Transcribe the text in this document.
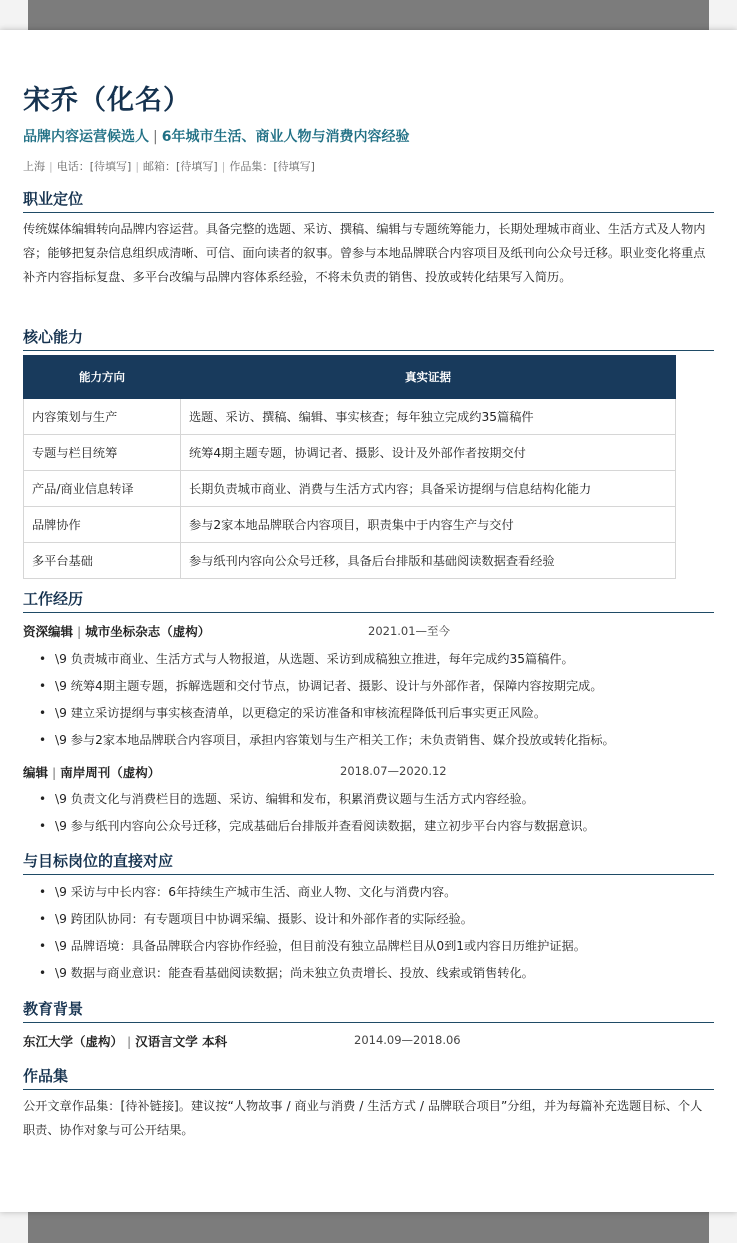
宋乔（化名）
品牌内容运营候选人 | 6年城市生活、商业人物与消费内容经验
上海 | 电话：[待填写] | 邮箱：[待填写] | 作品集：[待填写]
职业定位
传统媒体编辑转向品牌内容运营。具备完整的选题、采访、撰稿、编辑与专题统筹能力，长期处理城市商业、生活方式及人物内容；能够把复杂信息组织成清晰、可信、面向读者的叙事。曾参与本地品牌联合内容项目及纸刊向公众号迁移。职业变化将重点补齐内容指标复盘、多平台改编与品牌内容体系经验，不将未负责的销售、投放或转化结果写入简历。
核心能力
能力方向	真实证据
内容策划与生产	选题、采访、撰稿、编辑、事实核查；每年独立完成约35篇稿件
专题与栏目统筹	统筹4期主题专题，协调记者、摄影、设计及外部作者按期交付
产品/商业信息转译	长期负责城市商业、消费与生活方式内容；具备采访提纲与信息结构化能力
品牌协作	参与2家本地品牌联合内容项目，职责集中于内容生产与交付
多平台基础	参与纸刊内容向公众号迁移，具备后台排版和基础阅读数据查看经验
工作经历
资深编辑 | 城市坐标杂志（虚构）	2021.01—至今
• \9 负责城市商业、生活方式与人物报道，从选题、采访到成稿独立推进，每年完成约35篇稿件。
• \9 统筹4期主题专题，拆解选题和交付节点，协调记者、摄影、设计与外部作者，保障内容按期完成。
• \9 建立采访提纲与事实核查清单，以更稳定的采访准备和审核流程降低刊后事实更正风险。
• \9 参与2家本地品牌联合内容项目，承担内容策划与生产相关工作；未负责销售、媒介投放或转化指标。
编辑 | 南岸周刊（虚构）	2018.07—2020.12
• \9 负责文化与消费栏目的选题、采访、编辑和发布，积累消费议题与生活方式内容经验。
• \9 参与纸刊内容向公众号迁移，完成基础后台排版并查看阅读数据，建立初步平台内容与数据意识。
与目标岗位的直接对应
• \9 采访与中长内容：6年持续生产城市生活、商业人物、文化与消费内容。
• \9 跨团队协同：有专题项目中协调采编、摄影、设计和外部作者的实际经验。
• \9 品牌语境：具备品牌联合内容协作经验，但目前没有独立品牌栏目从0到1或内容日历维护证据。
• \9 数据与商业意识：能查看基础阅读数据；尚未独立负责增长、投放、线索或销售转化。
教育背景
东江大学（虚构） | 汉语言文学 本科	2014.09—2018.06
作品集
公开文章作品集：[待补链接]。建议按“人物故事 / 商业与消费 / 生活方式 / 品牌联合项目”分组，并为每篇补充选题目标、个人职责、协作对象与可公开结果。
